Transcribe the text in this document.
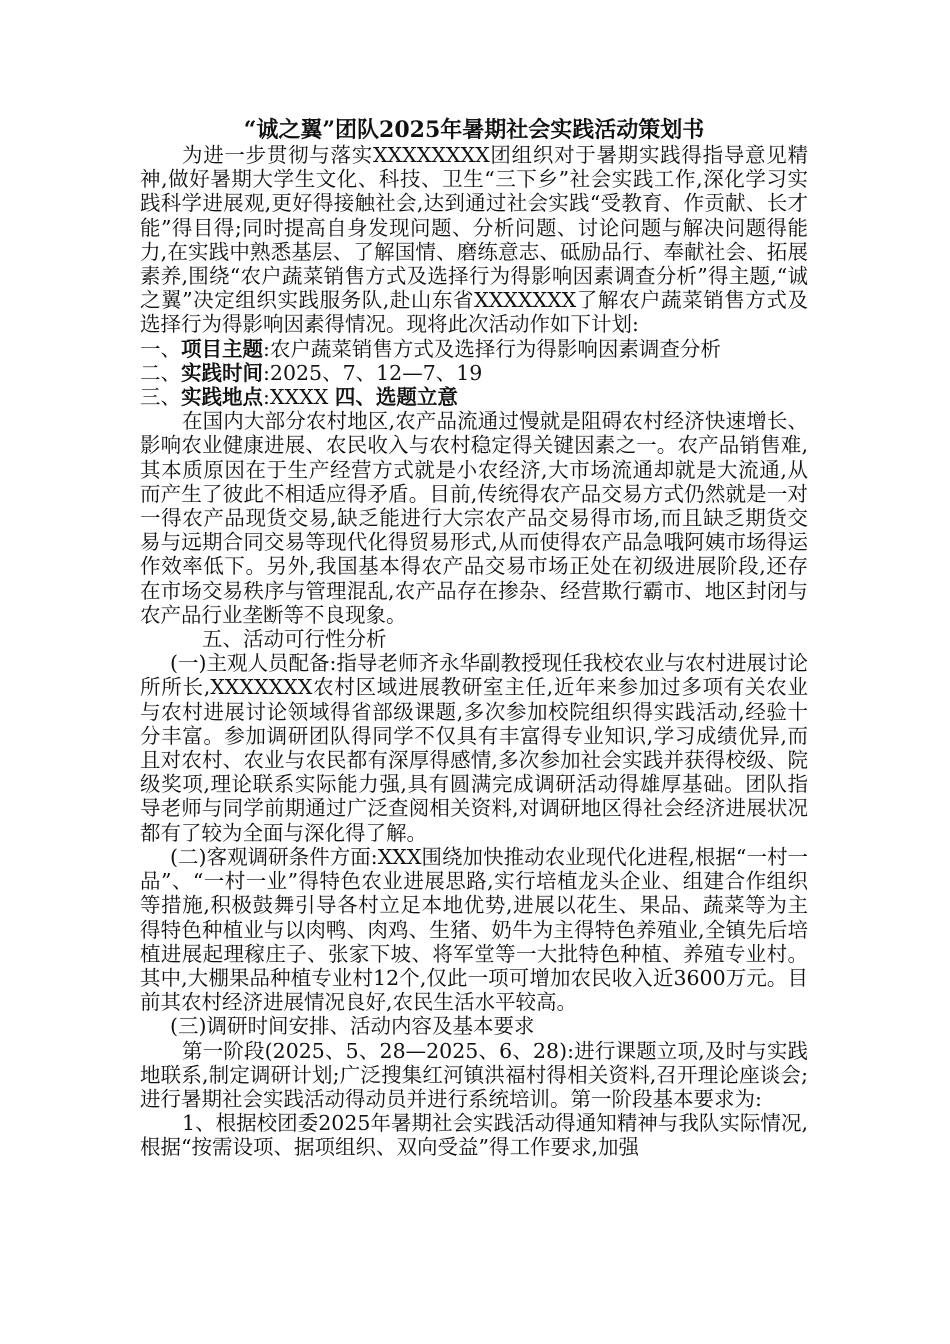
“诚之翼”团队2025年暑期社会实践活动策划书

为进一步贯彻与落实XXXXXXXX团组织对于暑期实践得指导意见精神,做好暑期大学生文化、科技、卫生“三下乡”社会实践工作,深化学习实践科学进展观,更好得接触社会,达到通过社会实践“受教育、作贡献、长才能”得目得;同时提高自身发现问题、分析问题、讨论问题与解决问题得能力,在实践中熟悉基层、了解国情、磨练意志、砥励品行、奉献社会、拓展素养,围绕“农户蔬菜销售方式及选择行为得影响因素调查分析”得主题,“诚之翼”决定组织实践服务队,赴山东省XXXXXXX了解农户蔬菜销售方式及选择行为得影响因素得情况。现将此次活动作如下计划:

一、项目主题:农户蔬菜销售方式及选择行为得影响因素调查分析

二、实践时间:2025、7、12—7、19

三、实践地点:XXXX 四、选题立意

在国内大部分农村地区,农产品流通过慢就是阻碍农村经济快速增长、影响农业健康进展、农民收入与农村稳定得关键因素之一。农产品销售难,其本质原因在于生产经营方式就是小农经济,大市场流通却就是大流通,从而产生了彼此不相适应得矛盾。目前,传统得农产品交易方式仍然就是一对一得农产品现货交易,缺乏能进行大宗农产品交易得市场,而且缺乏期货交易与远期合同交易等现代化得贸易形式,从而使得农产品急哦阿姨市场得运作效率低下。另外,我国基本得农产品交易市场正处在初级进展阶段,还存在市场交易秩序与管理混乱,农产品存在掺杂、经营欺行霸市、地区封闭与农产品行业垄断等不良现象。

五、活动可行性分析

(一)主观人员配备:指导老师齐永华副教授现任我校农业与农村进展讨论所所长,XXXXXXX农村区域进展教研室主任,近年来参加过多项有关农业与农村进展讨论领域得省部级课题,多次参加校院组织得实践活动,经验十分丰富。参加调研团队得同学不仅具有丰富得专业知识,学习成绩优异,而且对农村、农业与农民都有深厚得感情,多次参加社会实践并获得校级、院级奖项,理论联系实际能力强,具有圆满完成调研活动得雄厚基础。团队指导老师与同学前期通过广泛查阅相关资料,对调研地区得社会经济进展状况都有了较为全面与深化得了解。

(二)客观调研条件方面:XXX围绕加快推动农业现代化进程,根据“一村一品”、“一村一业”得特色农业进展思路,实行培植龙头企业、组建合作组织等措施,积极鼓舞引导各村立足本地优势,进展以花生、果品、蔬菜等为主得特色种植业与以肉鸭、肉鸡、生猪、奶牛为主得特色养殖业,全镇先后培植进展起理稼庄子、张家下坡、将军堂等一大批特色种植、养殖专业村。其中,大棚果品种植专业村12个,仅此一项可增加农民收入近3600万元。目前其农村经济进展情况良好,农民生活水平较高。

(三)调研时间安排、活动内容及基本要求

第一阶段(2025、5、28—2025、6、28):进行课题立项,及时与实践地联系,制定调研计划;广泛搜集红河镇洪福村得相关资料,召开理论座谈会;进行暑期社会实践活动得动员并进行系统培训。第一阶段基本要求为:

1、根据校团委2025年暑期社会实践活动得通知精神与我队实际情况,根据“按需设项、据项组织、双向受益”得工作要求,加强
